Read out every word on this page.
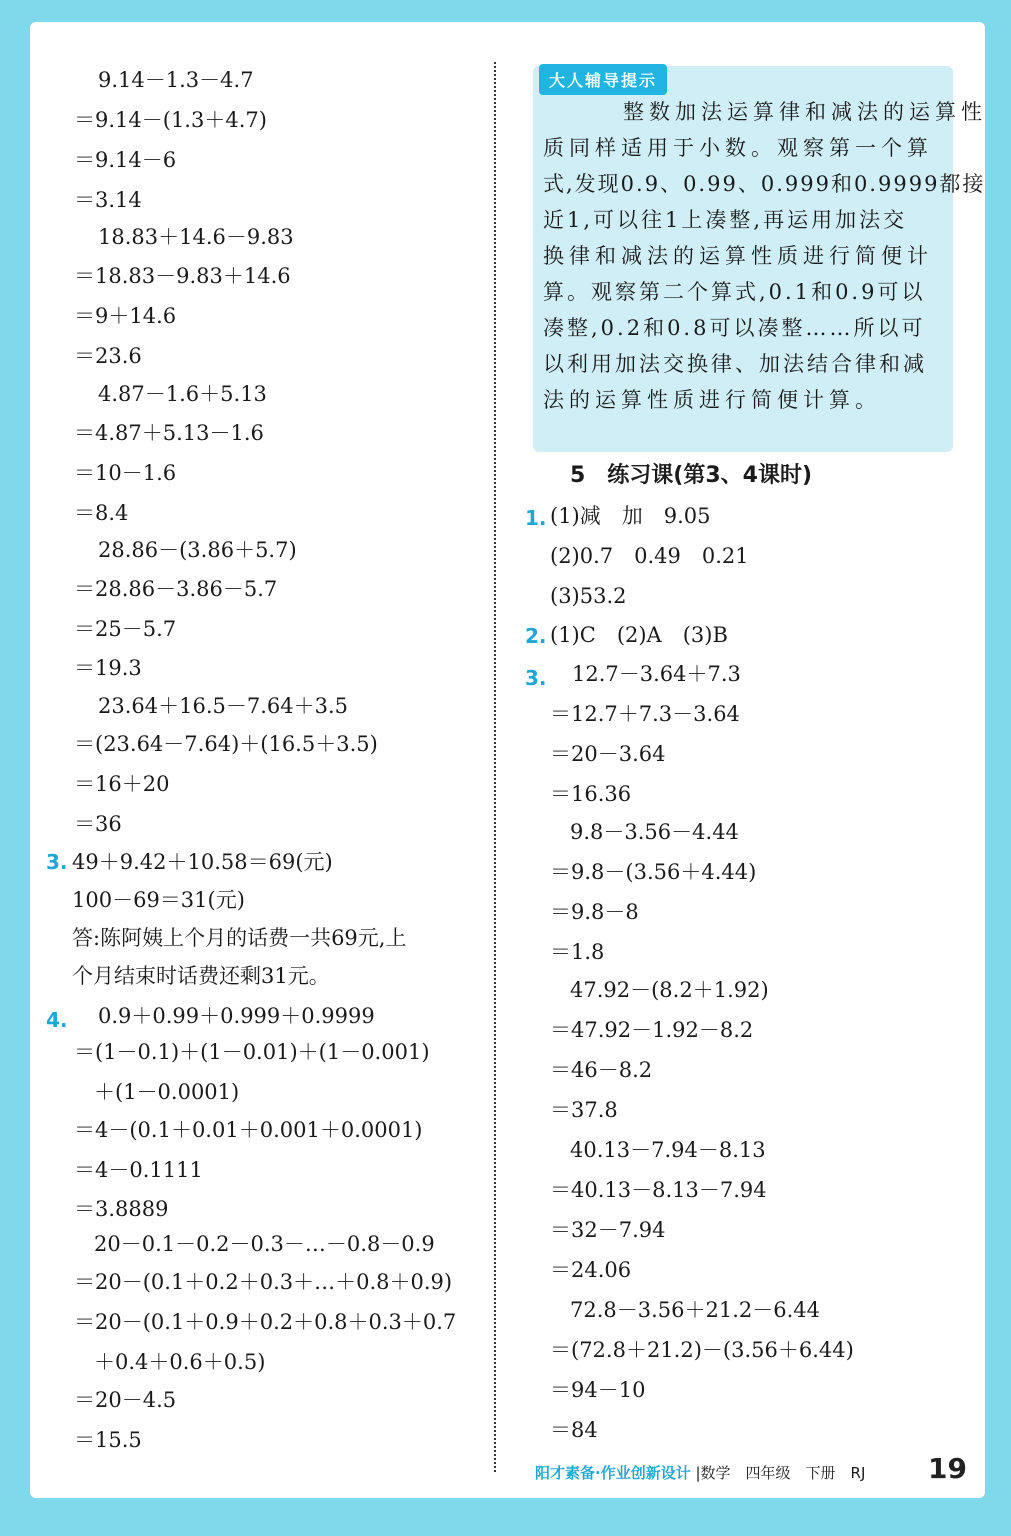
9.14－1.3－4.7
＝9.14－(1.3＋4.7)
＝9.14－6
＝3.14
18.83＋14.6－9.83
＝18.83－9.83＋14.6
＝9＋14.6
＝23.6
4.87－1.6＋5.13
＝4.87＋5.13－1.6
＝10－1.6
＝8.4
28.86－(3.86＋5.7)
＝28.86－3.86－5.7
＝25－5.7
＝19.3
23.64＋16.5－7.64＋3.5
＝(23.64－7.64)＋(16.5＋3.5)
＝16＋20
＝36
3. 49＋9.42＋10.58＝69(元)
100－69＝31(元)
答:陈阿姨上个月的话费一共69元,上
个月结束时话费还剩31元。
4. 0.9＋0.99＋0.999＋0.9999
＝(1－0.1)＋(1－0.01)＋(1－0.001)
＋(1－0.0001)
＝4－(0.1＋0.01＋0.001＋0.0001)
＝4－0.1111
＝3.8889
20－0.1－0.2－0.3－…－0.8－0.9
＝20－(0.1＋0.2＋0.3＋…＋0.8＋0.9)
＝20－(0.1＋0.9＋0.2＋0.8＋0.3＋0.7
＋0.4＋0.6＋0.5)
＝20－4.5
＝15.5
大人辅导提示
整数加法运算律和减法的运算性
质同样适用于小数。观察第一个算
式,发现0.9、0.99、0.999和0.9999都接
近1,可以往1上凑整,再运用加法交
换律和减法的运算性质进行简便计
算。观察第二个算式,0.1和0.9可以
凑整,0.2和0.8可以凑整……所以可
以利用加法交换律、加法结合律和减
法的运算性质进行简便计算。
5　练习课(第3、4课时)
1. (1)减　加　9.05
(2)0.7　0.49　0.21
(3)53.2
2. (1)C　(2)A　(3)B
3. 12.7－3.64＋7.3
＝12.7＋7.3－3.64
＝20－3.64
＝16.36
9.8－3.56－4.44
＝9.8－(3.56＋4.44)
＝9.8－8
＝1.8
47.92－(8.2＋1.92)
＝47.92－1.92－8.2
＝46－8.2
＝37.8
40.13－7.94－8.13
＝40.13－8.13－7.94
＝32－7.94
＝24.06
72.8－3.56＋21.2－6.44
＝(72.8＋21.2)－(3.56＋6.44)
＝94－10
＝84
阳才素备·作业创新设计 |数学　四年级　下册　RJ 19
